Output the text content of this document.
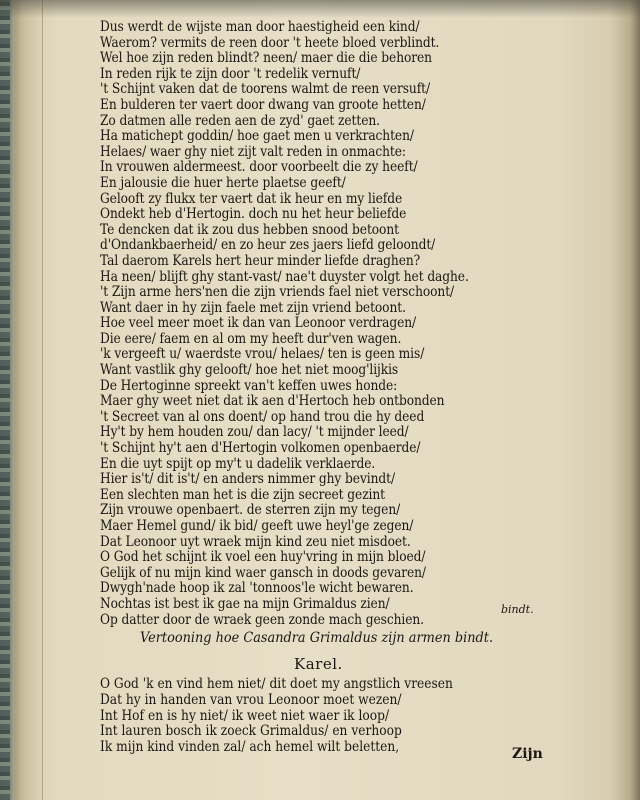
Dus werdt de wijste man door haestigheid een kind/
Waerom? vermits de reen door 't heete bloed verblindt.
Wel hoe zijn reden blindt? neen/ maer die die behoren
In reden rijk te zijn door 't redelik vernuft/
't Schijnt vaken dat de toorens walmt de reen versuft/
En bulderen ter vaert door dwang van groote hetten/
Zo datmen alle reden aen de zyd' gaet zetten.
Ha matichept goddin/ hoe gaet men u verkrachten/
Helaes/ waer ghy niet zijt valt reden in onmachte:
In vrouwen aldermeest. door voorbeelt die zy heeft/
En jalousie die huer herte plaetse geeft/
Gelooft zy flukx ter vaert dat ik heur en my liefde
Ondekt heb d'Hertogin. doch nu het heur beliefde
Te dencken dat ik zou dus hebben snood betoont
d'Ondankbaerheid/ en zo heur zes jaers liefd geloondt/
Tal daerom Karels hert heur minder liefde draghen?
Ha neen/ blijft ghy stant-vast/ nae't duyster volgt het daghe.
't Zijn arme hers'nen die zijn vriends fael niet verschoont/
Want daer in hy zijn faele met zijn vriend betoont.
Hoe veel meer moet ik dan van Leonoor verdragen/
Die eere/ faem en al om my heeft dur'ven wagen.
'k vergeeft u/ waerdste vrou/ helaes/ ten is geen mis/
Want vastlik ghy gelooft/ hoe het niet moog'lijkis
De Hertoginne spreekt van't keffen uwes honde:
Maer ghy weet niet dat ik aen d'Hertoch heb ontbonden
't Secreet van al ons doent/ op hand trou die hy deed
Hy't by hem houden zou/ dan lacy/ 't mijnder leed/
't Schijnt hy't aen d'Hertogin volkomen openbaerde/
En die uyt spijt op my't u dadelik verklaerde.
Hier is't/ dit is't/ en anders nimmer ghy bevindt/
Een slechten man het is die zijn secreet gezint
Zijn vrouwe openbaert. de sterren zijn my tegen/
Maer Hemel gund/ ik bid/ geeft uwe heyl'ge zegen/
Dat Leonoor uyt wraek mijn kind zeu niet misdoet.
O God het schijnt ik voel een huy'vring in mijn bloed/
Gelijk of nu mijn kind waer gansch in doods gevaren/
Dwygh'nade hoop ik zal 'tonnoos'le wicht bewaren.
Nochtas ist best ik gae na mijn Grimaldus zien/
Op datter door de wraek geen zonde mach geschien.
bindt.
Vertooning hoe Casandra Grimaldus zijn armen bindt.
Karel.
O God 'k en vind hem niet/ dit doet my angstlich vreesen
Dat hy in handen van vrou Leonoor moet wezen/
Int Hof en is hy niet/ ik weet niet waer ik loop/
Int lauren bosch ik zoeck Grimaldus/ en verhoop
Ik mijn kind vinden zal/ ach hemel wilt beletten,	Zijn
